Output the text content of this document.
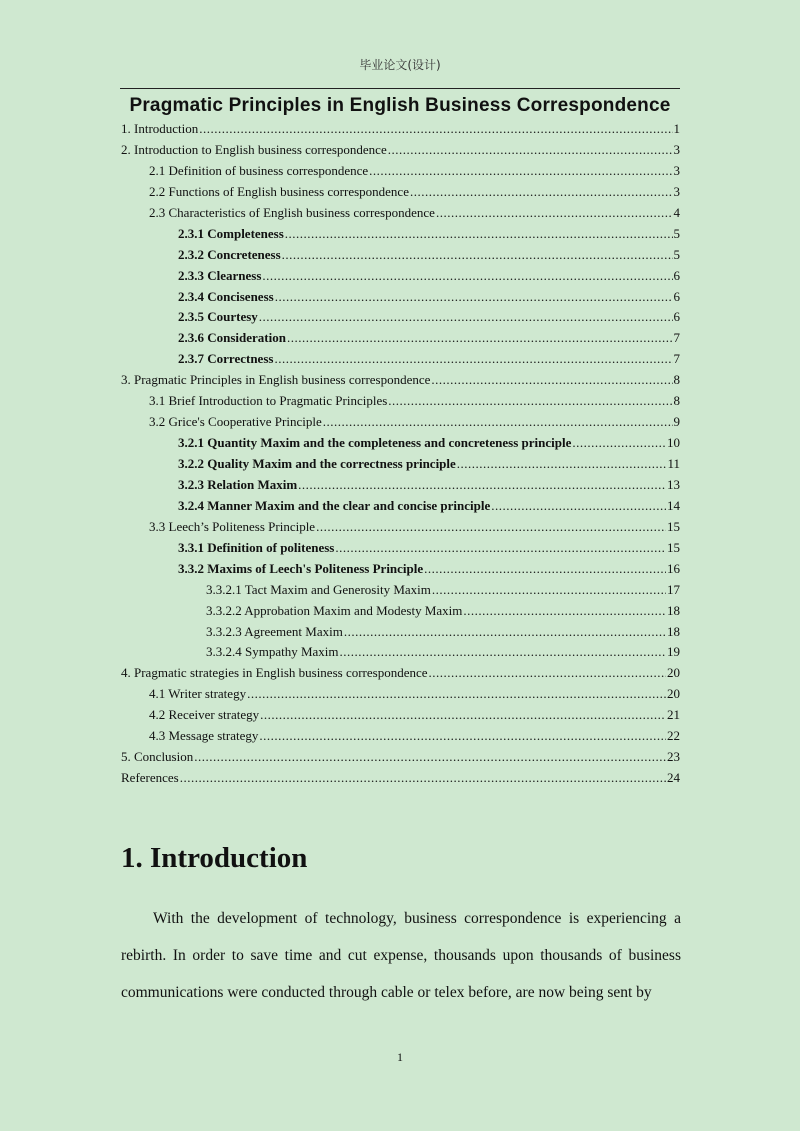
毕业论文(设计)
Pragmatic Principles in English Business Correspondence
1. Introduction .....	1
2. Introduction to English business correspondence .....	3
2.1 Definition of business correspondence .....	3
2.2 Functions of English business correspondence .....	3
2.3 Characteristics of English business correspondence .....	4
2.3.1 Completeness .....	5
2.3.2 Concreteness .....	5
2.3.3 Clearness .....	6
2.3.4 Conciseness .....	6
2.3.5 Courtesy .....	6
2.3.6 Consideration .....	7
2.3.7 Correctness .....	7
3. Pragmatic Principles in English business correspondence .....	8
3.1 Brief Introduction to Pragmatic Principles .....	8
3.2 Grice's Cooperative Principle .....	9
3.2.1 Quantity Maxim and the completeness and concreteness principle .....	10
3.2.2 Quality Maxim and the correctness principle .....	11
3.2.3 Relation Maxim .....	13
3.2.4 Manner Maxim and the clear and concise principle .....	14
3.3 Leech’s Politeness Principle .....	15
3.3.1 Definition of politeness .....	15
3.3.2 Maxims of Leech's Politeness Principle .....	16
3.3.2.1 Tact Maxim and Generosity Maxim .....	17
3.3.2.2 Approbation Maxim and Modesty Maxim .....	18
3.3.2.3 Agreement Maxim .....	18
3.3.2.4 Sympathy Maxim .....	19
4. Pragmatic strategies in English business correspondence .....	20
4.1 Writer strategy .....	20
4.2 Receiver strategy .....	21
4.3 Message strategy .....	22
5. Conclusion .....	23
References .....	24
1. Introduction

With the development of technology, business correspondence is experiencing a rebirth. In order to save time and cut expense, thousands upon thousands of business communications were conducted through cable or telex before, are now being sent by

1
